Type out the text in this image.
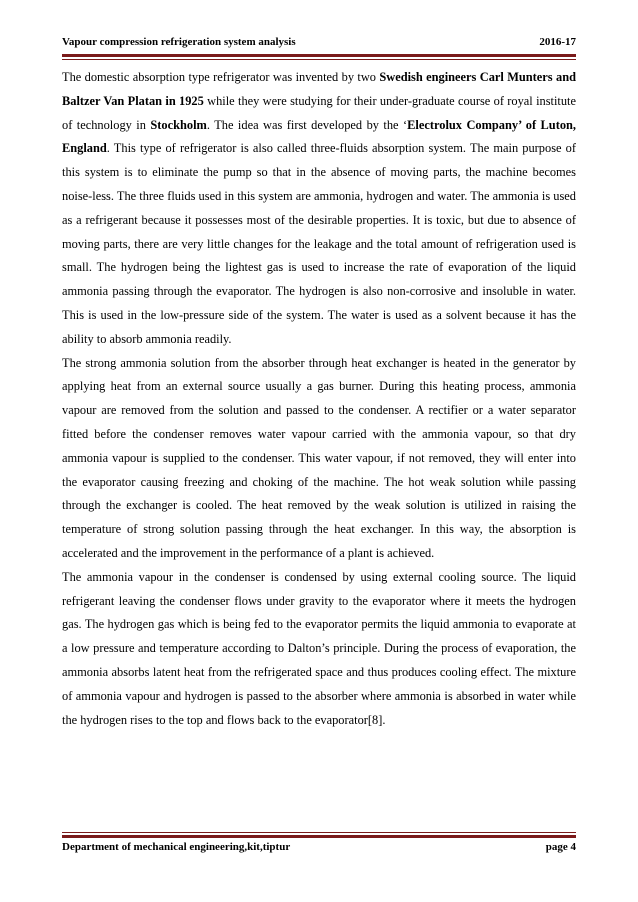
Vapour compression refrigeration system analysis	2016-17

The domestic absorption type refrigerator was invented by two Swedish engineers Carl Munters and Baltzer Van Platan in 1925 while they were studying for their under-graduate course of royal institute of technology in Stockholm. The idea was first developed by the ‘Electrolux Company’ of Luton, England. This type of refrigerator is also called three-fluids absorption system. The main purpose of this system is to eliminate the pump so that in the absence of moving parts, the machine becomes noise-less. The three fluids used in this system are ammonia, hydrogen and water. The ammonia is used as a refrigerant because it possesses most of the desirable properties. It is toxic, but due to absence of moving parts, there are very little changes for the leakage and the total amount of refrigeration used is small. The hydrogen being the lightest gas is used to increase the rate of evaporation of the liquid ammonia passing through the evaporator. The hydrogen is also non-corrosive and insoluble in water. This is used in the low-pressure side of the system. The water is used as a solvent because it has the ability to absorb ammonia readily.

The strong ammonia solution from the absorber through heat exchanger is heated in the generator by applying heat from an external source usually a gas burner. During this heating process, ammonia vapour are removed from the solution and passed to the condenser. A rectifier or a water separator fitted before the condenser removes water vapour carried with the ammonia vapour, so that dry ammonia vapour is supplied to the condenser. This water vapour, if not removed, they will enter into the evaporator causing freezing and choking of the machine. The hot weak solution while passing through the exchanger is cooled. The heat removed by the weak solution is utilized in raising the temperature of strong solution passing through the heat exchanger. In this way, the absorption is accelerated and the improvement in the performance of a plant is achieved.

The ammonia vapour in the condenser is condensed by using external cooling source. The liquid refrigerant leaving the condenser flows under gravity to the evaporator where it meets the hydrogen gas. The hydrogen gas which is being fed to the evaporator permits the liquid ammonia to evaporate at a low pressure and temperature according to Dalton’s principle. During the process of evaporation, the ammonia absorbs latent heat from the refrigerated space and thus produces cooling effect. The mixture of ammonia vapour and hydrogen is passed to the absorber where ammonia is absorbed in water while the hydrogen rises to the top and flows back to the evaporator[8].

Department of mechanical engineering,kit,tiptur	page 4
